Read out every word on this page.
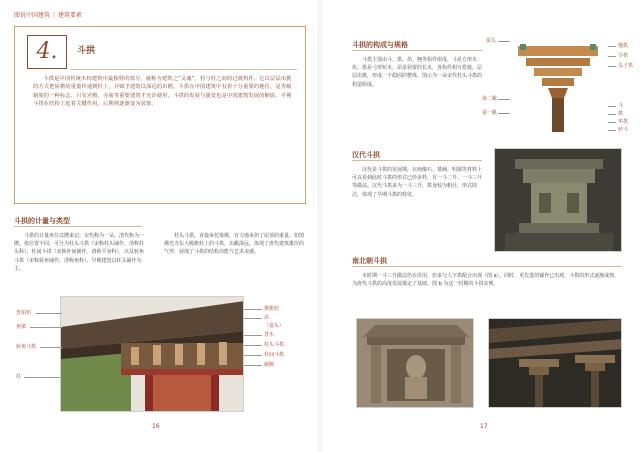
图说中国建筑 | 建筑要素
4.	斗拱

斗拱是中国传统木构建筑中最独特的部分，被称为建筑之“灵魂”。枋与柱之间的过渡构件，它以层层出挑的方式把屋檐的重量传递到柱上，并赋予建筑以深远的出檐。斗拱在中国建筑中有着十分重要的地位，是等级制度的一种标志，只有宫殿、寺庙等重要建筑才允许使用。斗拱的发展与演变也是中国建筑发展的缩影，早期斗拱在结构上起着关键作用，后期则逐渐变为装饰。

斗拱的计量与类型

斗拱的计量单位以攒来记。宋代称为一朵，清代称为一攒。依位置不同，可分为柱头斗拱（宋称柱头铺作、清称柱头科）、柱间斗拱（宋称补间铺作、清称平身科），以及转角斗拱（宋称转角铺作、清称角科）。早期建筑以柱头铺作为主。

柱头斗拱，直接承托梁栿，有力地承担了屋顶的重量。如图佛光寺东大殿檐柱上的斗拱，出跳深远，体现了唐代建筑雄浑的气势，展现了斗拱的结构功能与艺术美感。

普拍枋
角梁
转角斗拱
柱
撩檐枋
昂
（耍头）
替木
柱头斗拱
柱间斗拱
阑额
16
斗拱的构成与规格

斗拱主要由斗、拱、昂、翘等构件组成，斗是方形木块，拱是弓形短木，昂是斜置的长木，各构件相互搭接，层层出挑，形成一个稳固的整体。图示为一朵宋代柱头斗拱的构造组成。

耍头
慢拱
令拱
瓜子拱
第二跳
第一跳
斗
拱
华拱
栌斗
汉代斗拱

汉代是斗拱的发展期，在画像石、墓阙、明器等材料上可以看到此时斗拱的形式已经多样，有一斗二升、一斗三升等做法。汉代斗拱多为一斗三升，拱身较为粗壮，形式简洁，体现了早期斗拱的特征。

南北朝斗拱

本时期一斗三升做法仍在沿用，但多与人字拱配合出现（图 a）。同时，更先进的铺作已出现，斗拱的形式逐渐成熟，为唐代斗拱的高度发展奠定了基础。图 b 为这一时期的斗拱实例。

17
